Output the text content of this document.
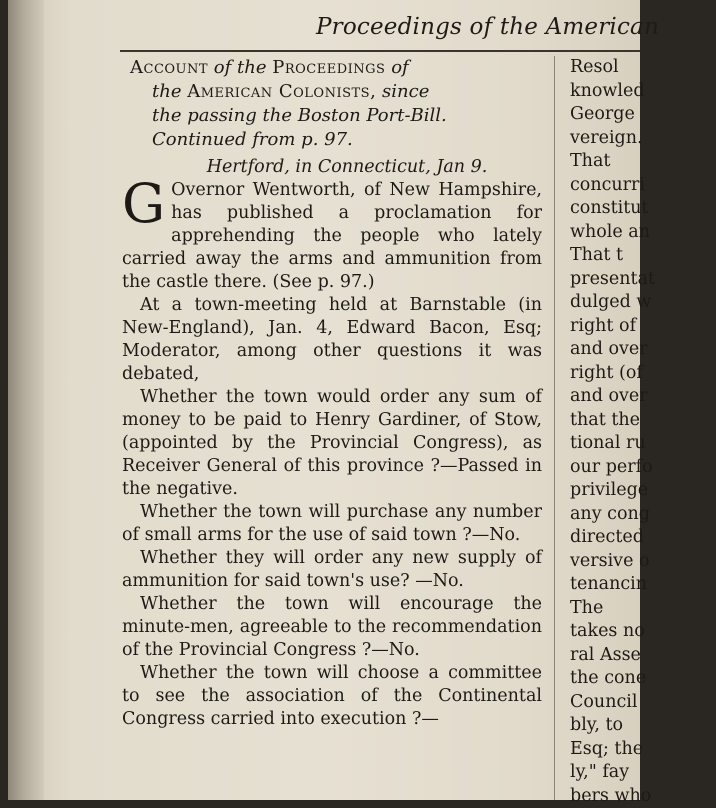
Proceedings of the American
Account of the Proceedings of
the American Colonists, since
the passing the Boston Port-Bill.
Continued from p. 97.
Hertford, in Connecticut, Jan 9.

G Overnor Wentworth, of New Hampshire, has published a proclamation for apprehending the people who lately carried away the arms and ammunition from the castle there. (See p. 97.)

At a town-meeting held at Barnstable (in New-England), Jan. 4, Edward Bacon, Esq; Moderator, among other questions it was debated,

Whether the town would order any sum of money to be paid to Henry Gardiner, of Stow, (appointed by the Provincial Congress), as Receiver General of this province ?—Passed in the negative.

Whether the town will purchase any number of small arms for the use of said town ?—No.

Whether they will order any new supply of ammunition for said town's use? —No.

Whether the town will encourage the minute-men, agreeable to the recommendation of the Provincial Congress ?—No.

Whether the town will choose a committee to see the association of the Continental Congress carried into execution ?—

Resol
knowled
George
vereign.
That
concurri
constitut
whole an
That t
presentat
dulged w
right of
and over
right (of
and over
that the
tional ru
our perfo
privilege
any cong
directed
versive o
tenancin
The
takes no
ral Asse
the cone
Council
bly, to
Esq; the
ly," fay
bers who
